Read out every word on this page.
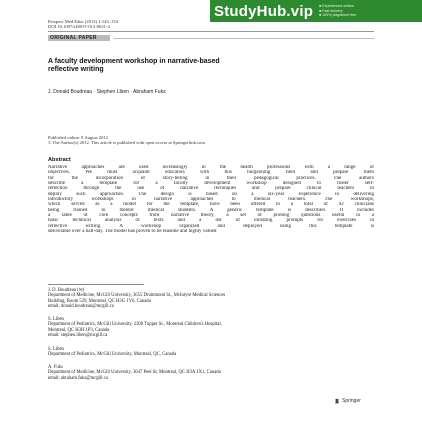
StudyHub.vip
■	Experienced writers
■ Fast delivery
■ 100% plagiarism free
Perspect Med Educ (2012) 1:143–154
DOI 10.1007/s40037-012-0021-4
ORIGINAL PAPER
A faculty development workshop in narrative-based
reflective writing
J. Donald Boudreau · Stephen Liben · Abraham Fuks
Published online: 8 August 2012
© The Author(s) 2012. This article is published with open access at Springerlink.com
Abstract

Narrative approaches are used increasingly in the health professions with a range of

objectives. We must acquaint educators with this burgeoning field and prepare them

for the incorporation of story-telling in their pedagogical practices. The authors

describe a template for a faculty development workshop designed to foster self-

reflection through the use of narrative techniques and prepare clinical teachers to

deploy such approaches. The design is based on a six-year experience in delivering

introductory workshops in narrative approaches to medical teachers. The workshops,

which served as a model for the template, have been offered to a total of 92 clinicians

being trained to mentor medical students. A generic template is described. It includes

a table of core concepts from narrative theory, a set of probing questions useful in a

basic technical analysis of texts and a list of initiating prompts for exercises in

reflective writing. A workshop organized and deployed using this template is

deliverable over a half-day. The model has proven to be feasible and highly valued

J. D. Boudreau (✉)
Department of Medicine, McGill University, 3655 Drummond St., McIntyre Medical Sciences
Building, Room 529, Montreal, QC H3G 1Y6, Canada
email: donald.boudreau@mcgill.ca
S. Liben
Department of Pediatrics, McGill University, 2300 Tupper St., Montreal Children's Hospital,
Montreal, QC H3H 1P3, Canada
email: stephen.liben@mcgill.ca
S. Liben
Department of Pediatrics, McGill University, Montreal, QC, Canada
A. Fuks
Department of Medicine, McGill University, 3647 Peel St, Montreal, QC H3A 1X1, Canada
email: abraham.fuks@mcgill.ca
Springer
